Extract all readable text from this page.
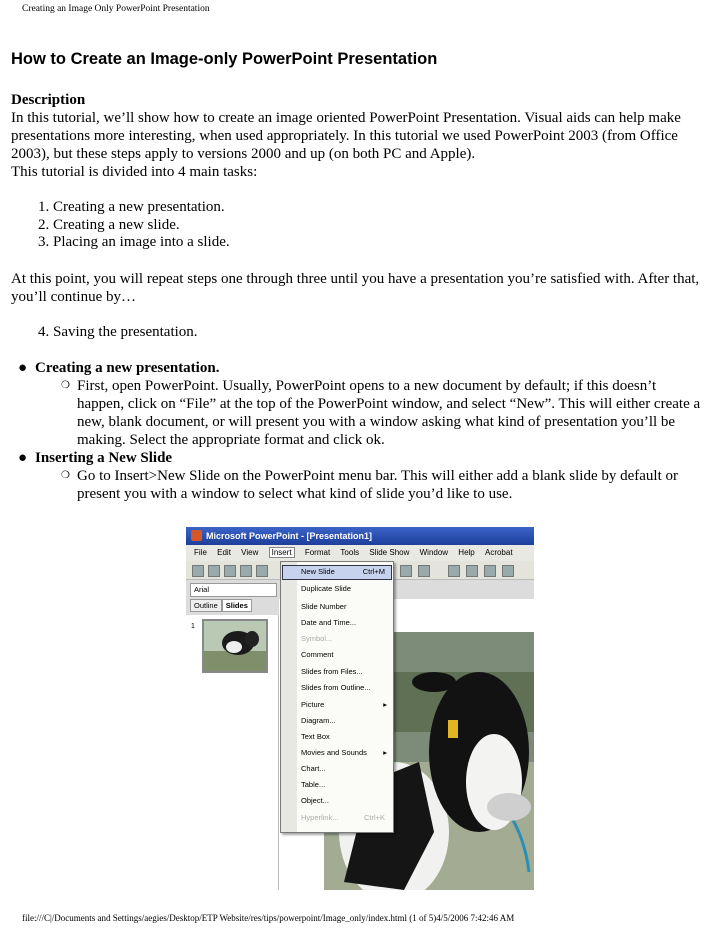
Creating an Image Only PowerPoint Presentation
How to Create an Image-only PowerPoint Presentation

Description
In this tutorial, we’ll show how to create an image oriented PowerPoint Presentation. Visual aids can help make presentations more interesting, when used appropriately. In this tutorial we used PowerPoint 2003 (from Office 2003), but these steps apply to versions 2000 and up (on both PC and Apple).
This tutorial is divided into 4 main tasks:

1. Creating a new presentation.
2. Creating a new slide.
3. Placing an image into a slide.

At this point, you will repeat steps one through three until you have a presentation you’re satisfied with. After that, you’ll continue by…

4. Saving the presentation.
● Creating a new presentation.
❍ First, open PowerPoint. Usually, PowerPoint opens to a new document by default; if this doesn’t happen, click on “File” at the top of the PowerPoint window, and select “New”. This will either create a new, blank document, or will present you with a window asking what kind of presentation you’ll be making. Select the appropriate format and click ok.
● Inserting a New Slide
❍ Go to Insert>New Slide on the PowerPoint menu bar. This will either add a blank slide by default or present you with a window to select what kind of slide you’d like to use.
Microsoft PowerPoint - [Presentation1]
File Edit View Insert Format Tools Slide Show Window Help Acrobat
Arial
Outline Slides
1
New Slide	Ctrl+M
Duplicate Slide
Slide Number
Date and Time...
Symbol...
Comment
Slides from Files...
Slides from Outline...
Picture	▸
Diagram...
Text Box
Movies and Sounds ▸
Chart...
Table...
Object...
Hyperlink...	Ctrl+K
file:///C|/Documents and Settings/aegies/Desktop/ETP Website/res/tips/powerpoint/Image_only/index.html (1 of 5)4/5/2006 7:42:46 AM
